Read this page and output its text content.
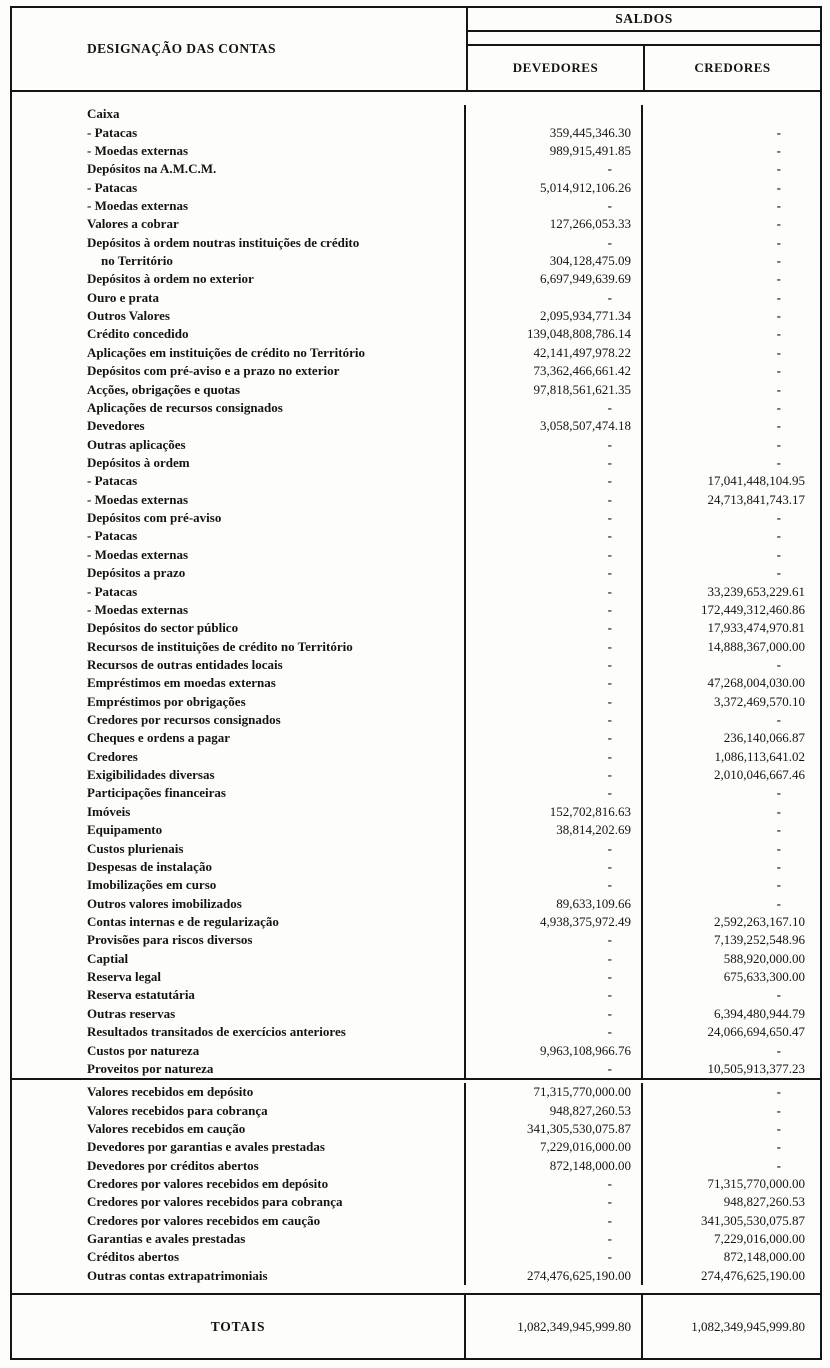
DESIGNAÇÃO DAS CONTAS
SALDOS
DEVEDORES	CREDORES
Caixa
- Patacas	359,445,346.30	-
- Moedas externas	989,915,491.85	-
Depósitos na A.M.C.M.	-	-
- Patacas	5,014,912,106.26	-
- Moedas externas	-	-
Valores a cobrar	127,266,053.33	-
Depósitos à ordem noutras instituições de crédito	-	-
no Território	304,128,475.09	-
Depósitos à ordem no exterior	6,697,949,639.69	-
Ouro e prata	-	-
Outros Valores	2,095,934,771.34	-
Crédito concedido	139,048,808,786.14	-
Aplicações em instituições de crédito no Território	42,141,497,978.22	-
Depósitos com pré-aviso e a prazo no exterior	73,362,466,661.42	-
Acções, obrigações e quotas	97,818,561,621.35	-
Aplicações de recursos consignados	-	-
Devedores	3,058,507,474.18	-
Outras aplicações	-	-
Depósitos à ordem	-	-
- Patacas	-	17,041,448,104.95
- Moedas externas	-	24,713,841,743.17
Depósitos com pré-aviso	-	-
- Patacas	-	-
- Moedas externas	-	-
Depósitos a prazo	-	-
- Patacas	-	33,239,653,229.61
- Moedas externas	-	172,449,312,460.86
Depósitos do sector público	-	17,933,474,970.81
Recursos de instituições de crédito no Território	-	14,888,367,000.00
Recursos de outras entidades locais	-	-
Empréstimos em moedas externas	-	47,268,004,030.00
Empréstimos por obrigações	-	3,372,469,570.10
Credores por recursos consignados	-	-
Cheques e ordens a pagar	-	236,140,066.87
Credores	-	1,086,113,641.02
Exigibilidades diversas	-	2,010,046,667.46
Participações financeiras	-	-
Imóveis	152,702,816.63	-
Equipamento	38,814,202.69	-
Custos plurienais	-	-
Despesas de instalação	-	-
Imobilizações em curso	-	-
Outros valores imobilizados	89,633,109.66	-
Contas internas e de regularização	4,938,375,972.49	2,592,263,167.10
Provisões para riscos diversos	-	7,139,252,548.96
Captial	-	588,920,000.00
Reserva legal	-	675,633,300.00
Reserva estatutária	-	-
Outras reservas	-	6,394,480,944.79
Resultados transitados de exercícios anteriores	-	24,066,694,650.47
Custos por natureza	9,963,108,966.76	-
Proveitos por natureza	-	10,505,913,377.23
Valores recebidos em depósito	71,315,770,000.00	-
Valores recebidos para cobrança	948,827,260.53	-
Valores recebidos em caução	341,305,530,075.87	-
Devedores por garantias e avales prestadas	7,229,016,000.00	-
Devedores por créditos abertos	872,148,000.00	-
Credores por valores recebidos em depósito	-	71,315,770,000.00
Credores por valores recebidos para cobrança	-	948,827,260.53
Credores por valores recebidos em caução	-	341,305,530,075.87
Garantias e avales prestadas	-	7,229,016,000.00
Créditos abertos	-	872,148,000.00
Outras contas extrapatrimoniais	274,476,625,190.00	274,476,625,190.00
TOTAIS	1,082,349,945,999.80	1,082,349,945,999.80
